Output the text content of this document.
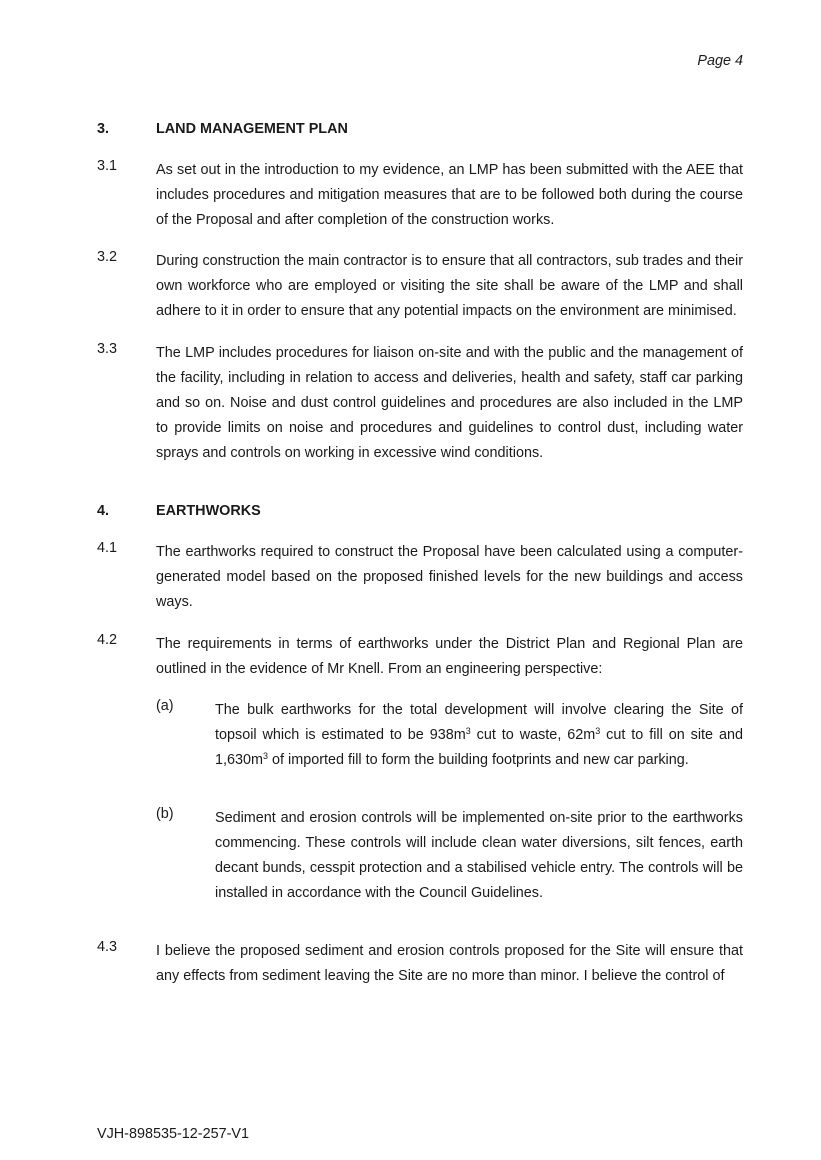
Page 4
3.	LAND MANAGEMENT PLAN
3.1	As set out in the introduction to my evidence, an LMP has been submitted with the AEE that includes procedures and mitigation measures that are to be followed both during the course of the Proposal and after completion of the construction works.
3.2	During construction the main contractor is to ensure that all contractors, sub trades and their own workforce who are employed or visiting the site shall be aware of the LMP and shall adhere to it in order to ensure that any potential impacts on the environment are minimised.
3.3	The LMP includes procedures for liaison on-site and with the public and the management of the facility, including in relation to access and deliveries, health and safety, staff car parking and so on. Noise and dust control guidelines and procedures are also included in the LMP to provide limits on noise and procedures and guidelines to control dust, including water sprays and controls on working in excessive wind conditions.
4.	EARTHWORKS
4.1	The earthworks required to construct the Proposal have been calculated using a computer-generated model based on the proposed finished levels for the new buildings and access ways.
4.2	The requirements in terms of earthworks under the District Plan and Regional Plan are outlined in the evidence of Mr Knell. From an engineering perspective:
(a)	The bulk earthworks for the total development will involve clearing the Site of topsoil which is estimated to be $938m^3$ cut to waste, $62m^3$ cut to fill on site and $1,630m^3$ of imported fill to form the building footprints and new car parking.
(b)	Sediment and erosion controls will be implemented on-site prior to the earthworks commencing. These controls will include clean water diversions, silt fences, earth decant bunds, cesspit protection and a stabilised vehicle entry. The controls will be installed in accordance with the Council Guidelines.
4.3	I believe the proposed sediment and erosion controls proposed for the Site will ensure that any effects from sediment leaving the Site are no more than minor. I believe the control of
VJH-898535-12-257-V1
